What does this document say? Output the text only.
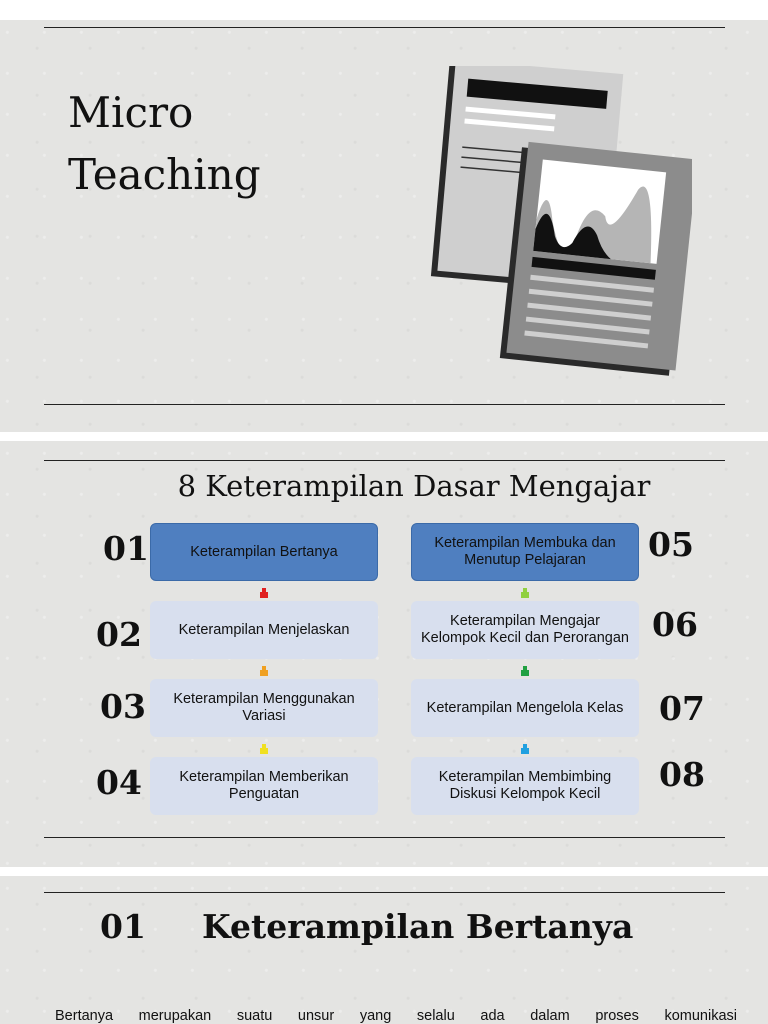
Micro
Teaching
8 Keterampilan Dasar Mengajar
01
02
03
04
Keterampilan Bertanya
Keterampilan Menjelaskan
Keterampilan Menggunakan Variasi
Keterampilan Memberikan Penguatan
Keterampilan Membuka dan Menutup Pelajaran
Keterampilan Mengajar Kelompok Kecil dan Perorangan
Keterampilan Mengelola Kelas
Keterampilan Membimbing Diskusi Kelompok Kecil
05
06
07
08
01 Keterampilan Bertanya
Bertanya merupakan suatu unsur yang selalu ada dalam proses komunikasi
